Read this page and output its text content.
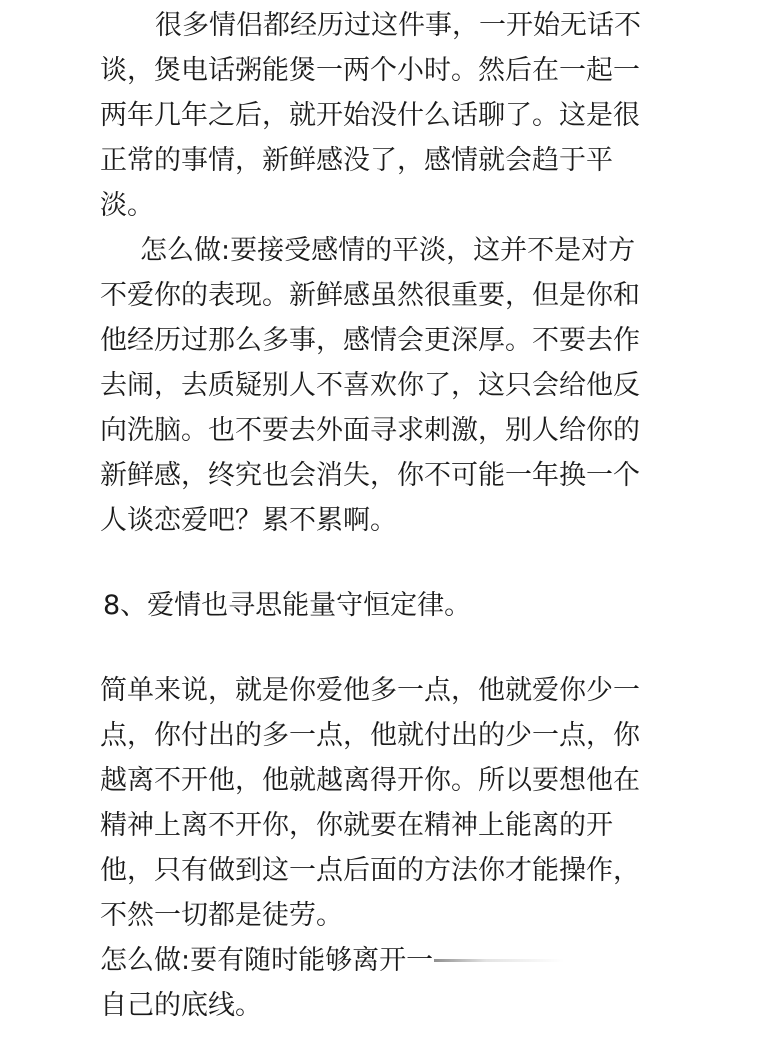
很多情侣都经历过这件事，一开始无话不
谈，煲电话粥能煲一两个小时。然后在一起一
两年几年之后，就开始没什么话聊了。这是很
正常的事情，新鲜感没了，感情就会趋于平
淡。
怎么做:要接受感情的平淡，这并不是对方
不爱你的表现。新鲜感虽然很重要，但是你和
他经历过那么多事，感情会更深厚。不要去作
去闹，去质疑别人不喜欢你了，这只会给他反
向洗脑。也不要去外面寻求刺激，别人给你的
新鲜感，终究也会消失，你不可能一年换一个
人谈恋爱吧？累不累啊。
8、爱情也寻思能量守恒定律。
简单来说，就是你爱他多一点，他就爱你少一
点，你付出的多一点，他就付出的少一点，你
越离不开他，他就越离得开你。所以要想他在
精神上离不开你，你就要在精神上能离的开
他，只有做到这一点后面的方法你才能操作，
不然一切都是徒劳。
怎么做:要有随时能够离开一
自己的底线。
